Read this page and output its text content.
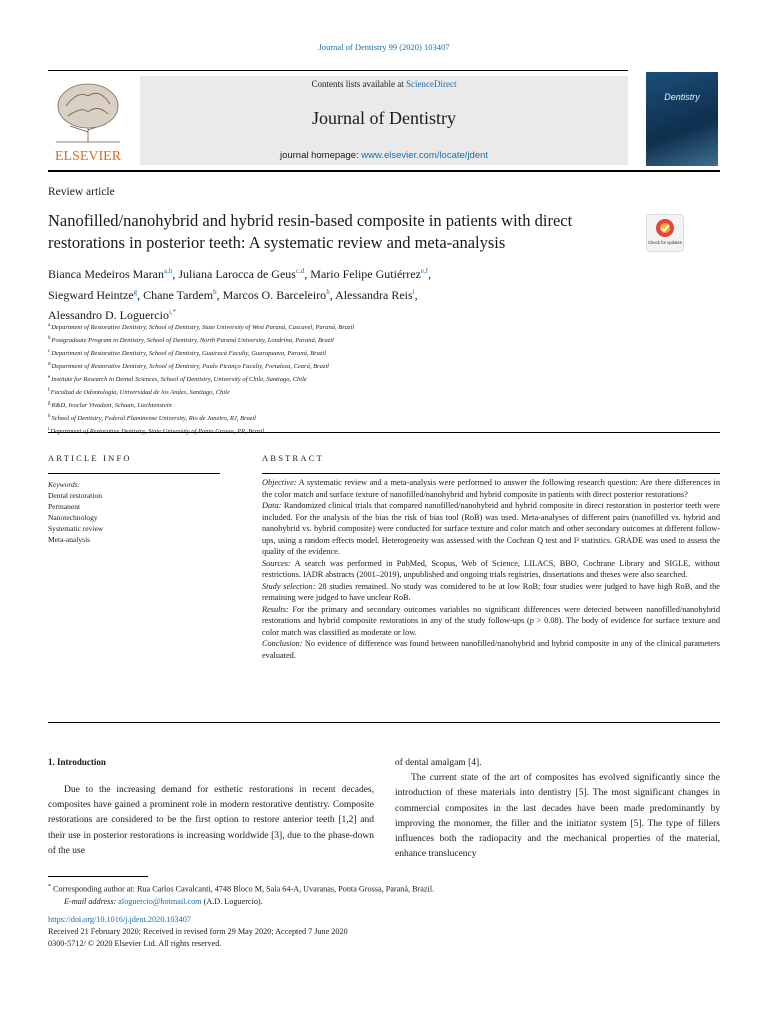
Journal of Dentistry 99 (2020) 103407
ELSEVIER
Contents lists available at ScienceDirect
Journal of Dentistry
journal homepage: www.elsevier.com/locate/jdent
Dentistry
Review article
Nanofilled/nanohybrid and hybrid resin-based composite in patients with direct restorations in posterior teeth: A systematic review and meta-analysis	Check for updates
Bianca Medeiros Maran$^{a,b}$, Juliana Larocca de Geus$^{c,d}$, Mario Felipe Gutiérrez$^{e,f}$,
Siegward Heintze$^g$, Chane Tardem$^h$, Marcos O. Barceleiro$^h$, Alessandra Reis$^i$,
Alessandro D. Loguercio$^{i,*}$
$^a$Department of Restorative Dentistry, School of Dentistry, State University of West Paraná, Cascavel, Paraná, Brazil
$^b$Postgraduate Program in Dentistry, School of Dentistry, North Paraná University, Londrina, Paraná, Brazil
$^c$Department of Restorative Dentistry, School of Dentistry, Guairacá Faculty, Guarapuava, Paraná, Brazil
$^d$Department of Restorative Dentistry, School of Dentistry, Paulo Picanço Faculty, Fortaleza, Ceará, Brazil
$^e$Institute for Research in Dental Sciences, School of Dentistry, University of Chile, Santiago, Chile
$^f$Facultad de Odontología, Universidad de los Andes, Santiago, Chile
$^g$R&D, Ivoclar Vivadent, Schaan, Liechtenstein
$^h$School of Dentistry, Federal Fluminense University, Rio de Janeiro, RJ, Brazil
$^i$
ARTICLE INFO
Keywords:
Dental restoration
Permanent
Nanotechnology
Systematic review
Meta-analysis
ABSTRACT

Objective: A systematic review and a meta-analysis were performed to answer the following research question: Are there differences in the color match and surface texture of nanofilled/nanohybrid and hybrid composite in patients with direct posterior restorations?

Data: Randomized clinical trials that compared nanofilled/nanohybrid and hybrid composite in direct restoration in posterior teeth were included. For the analysis of the bias the risk of bias tool (RoB) was used. Meta-analyses of different pairs (nanofilled vs. hybrid and nanohybrid vs. hybrid composite) were conducted for surface texture and color match and other secondary outcomes at different follow-ups, using a random effects model. Heterogeneity was assessed with the Cochran Q test and I² statistics. GRADE was used to assess the quality of the evidence.

Sources: A search was performed in PubMed, Scopus, Web of Science, LILACS, BBO, Cochrane Library and SIGLE, without restrictions. IADR abstracts (2001–2019), unpublished and ongoing trials registries, dissertations and theses were also searched.

Study selection: 28 studies remained. No study was considered to be at low RoB; four studies were judged to have high RoB, and the remaining were judged to have unclear RoB.

Results: For the primary and secondary outcomes variables no significant differences were detected between nanofilled/nanohybrid restorations and hybrid composite restorations in any of the study follow-ups (p > 0.08). The body of evidence for surface texture and color match was classified as moderate or low.

Conclusion: No evidence of difference was found between nanofilled/nanohybrid and hybrid composite in any of the clinical parameters evaluated.

1. Introduction

Due to the increasing demand for esthetic restorations in recent decades, composites have gained a prominent role in modern restorative dentistry. Composite restorations are considered to be the first option to restore anterior teeth [1,2] and their use in posterior restorations is increasing worldwide [3], due to the phase-down of the use

of dental amalgam [4].

The current state of the art of composites has evolved significantly since the introduction of these materials into dentistry [5]. The most significant changes in commercial composites in the last decades have been made predominantly by improving the monomer, the filler and the initiator system [5]. The type of fillers influences both the radiopacity and the mechanical properties of the material, enhance translucency

* Corresponding author at: Rua Carlos Cavalcanti, 4748 Bloco M, Sala 64-A, Uvaranas, Ponta Grossa, Paraná, Brazil.
E-mail address: aloguercio@hotmail.com (A.D. Loguercio).
https://doi.org/10.1016/j.jdent.2020.103407
Received 21 February 2020; Received in revised form 29 May 2020; Accepted 7 June 2020
0300-5712/ © 2020 Elsevier Ltd. All rights reserved.
